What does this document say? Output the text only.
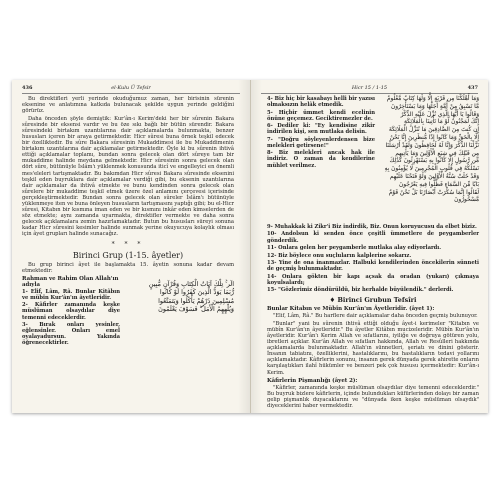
436	el-Kulu Ü Tefsir

Bu direktifleri yerli yerinde okuduğumuz zaman, her birisinin sürenin eksenine ve anlatımına katkıda bulunacak şekilde uygun yerinde geldiğini görürüz.

Daha önceden şöyle demiştik: Kur'ân-ı Kerim'deki her bir sûrenin Bakara sûresinde bir eksensi vardır ve bu öze sıkı bağlı bir bütün sürendir. Bakara sûresindeki birtakım uzantılarına dair açıklamalarda bulunmakta, benzer hususları içeren bir araya getirmektedir. Hicr sûresi buna örnek teşkil edecek bir özelliktedir. Bu sûre Bakara sûresinin Mukaddimesi ile bu Mukaddimenin birtakım uzantılarına dair açıklamalar getirmektedir. Öyle ki bu sûrenin ihtivâ ettiği açıklamalar toplamı, bundan sonra gelecek olan dört sûreye tam bir mukaddime halinde meydana gelmektedir. Hicr sûresinin sonra gelecek olan dört sûre, bütünüyle İslâm'ı yüklenmek konusunda iticî ve engelleyici en önemli mes'eleleri tartışmaktadır. Bu bakımdan Hicr sûresi Bakara sûresinde eksenini teşkil eden buyruklara dair açıklamalar verdiği gibi, bu eksenin uzantılarına dair açıklamalar da ihtivâ etmekte ve bunu kendinden sonra gelecek olan sûrelere bir mukaddime teşkil etmek üzere özel anlamını çerçevesi içerisinde gerçekleştirmektedir. Bundan sonra gelecek olan sûreler İslâm'ı bütünüyle yüklenmeye iten ve buna önleyen hususların tartışmasını yaptığı gibi; bu el-Hicr sûresi, Kitabın bir kısmına iman eden ve bir kısmını inkâr eden kimselerden de söz etmekte; aynı zamanda uyarmakta, direktifler vermekte ve daha sonra gelecek açıklamalara zemin hazırlamaktadır. Butun bu hususları süreyi sonuna kadar Hicr sûresini kesimler halinde sunmak yerine okuyucuya kolaylık olması için âyet grupları halinde sunacağız.

* * *
Birinci Grup (1-15. âyetler)

Bu grup birinci âyet ile başlamakta 15. âyetin sonuna kadar devam etmektedir:

Rahman ve Rahim Olan Allah'ın adıyla

1- Elif, Lâm, Râ. Bunlar Kitâbın ve mübîn Kur'ân'ın âyetleridir.

2- Kâfirler zamanında keşke müslüman olsaydılar diye temenni edeceklerdir.

3- Bırak onları yesinler, eğlensinler. Onları emel oyalayadursun. Yakında öğrenecektirler.

الٓر ۚ تِلْكَ آيَاتُ الْكِتَابِ وَقُرْآنٍ مُّبِينٍ
رُّبَمَا يَوَدُّ الَّذِينَ كَفَرُوا لَوْ كَانُوا
مُسْلِمِينَ ذَرْهُمْ يَأْكُلُوا وَيَتَمَتَّعُوا
وَيُلْهِهِمُ الْأَمَلُ ۖ فَسَوْفَ يَعْلَمُونَ
Hicr 15 / 1-15	437

4- Biz hiç bir kasabayı helli bir yazısı olmaksızın helâk etmedik.

5- Hiçbir ümmet kendi ecelinin önüne geçemez. Geciktiremezler de.

6- Dediler ki: "Ey kendisine zikir indirilen kişi, sen mutlaka delisin.

7- "Doğru söyleyenlerdensen bize melekleri getirsene!"

8- Biz melekleri ancak hak ile indiriz. O zaman da kendilerine mühlet verilmez.

وَمَا أَهْلَكْنَا مِن قَرْيَةٍ إِلَّا وَلَهَا كِتَابٌ مَّعْلُومٌ
مَّا تَسْبِقُ مِنْ أُمَّةٍ أَجَلَهَا وَمَا يَسْتَأْخِرُونَ
وَقَالُوا يَا أَيُّهَا الَّذِي نُزِّلَ عَلَيْهِ الذِّكْرُ
إِنَّكَ لَمَجْنُونٌ لَّوْ مَا تَأْتِينَا بِالْمَلَائِكَةِ
إِن كُنتَ مِنَ الصَّادِقِينَ مَا نُنَزِّلُ الْمَلَائِكَةَ
إِلَّا بِالْحَقِّ وَمَا كَانُوا إِذًا مُّنظَرِينَ إِنَّا نَحْنُ
نَزَّلْنَا الذِّكْرَ وَإِنَّا لَهُ لَحَافِظُونَ وَلَقَدْ أَرْسَلْنَا
مِن قَبْلِكَ فِي شِيَعِ الْأَوَّلِينَ وَمَا يَأْتِيهِم
مِّن رَّسُولٍ إِلَّا كَانُوا بِهِ يَسْتَهْزِئُونَ كَذَٰلِكَ
نَسْلُكُهُ فِي قُلُوبِ الْمُجْرِمِينَ لَا يُؤْمِنُونَ بِهِ
وَقَدْ خَلَتْ سُنَّةُ الْأَوَّلِينَ وَلَوْ فَتَحْنَا عَلَيْهِم
بَابًا مِّنَ السَّمَاءِ فَظَلُّوا فِيهِ يَعْرُجُونَ
لَقَالُوا إِنَّمَا سُكِّرَتْ أَبْصَارُنَا بَلْ نَحْنُ قَوْمٌ مَّسْحُورُونَ

9- Muhakkak ki Zikr'i Biz indirdik, Biz. Onun koruyucusu da elbet biziz.

10- Andolsun ki senden önce çeşitli ümmetlere de peygamberler gönderdik.

11- Onlara gelen her peygamberle mutlaka alay ediyorlardı.

12- Biz böylece onu suçluların kalplerine sokarız.

13- Yine de ona inanmazlar. Halbuki kendilerinden öncekilerin sünneti de geçmiş bulunmaktadır.

14- Onlara gökten bir kapı açsak da oradan (yukarı) çıkmaya koyulsalardı;

15- "Gözlerimiz döndürüldü, biz herhalde büyülendik." derlerdi.

♦ Birinci Grubun Tefsîri
Bunlar Kitabın ve Mübîn Kur'ân'ın Âyetleridir. (âyet 1):

"Elif, Lâm, Râ." Bu harflere dair açıklamalar daha önceden geçmiş bulunuyor.

"Bunlar" yani bu sûrenin ihtivâ ettiği olduğu âyet-i kerimeler "Kitabın ve mübîn Kur'ân'ın âyetleridir." Bu âyetler Kitâbın mucizeleridir. Mübîn Kur'ân'ın âyetleridir. Kur'ân'ı Kerim Allah ve sıfatlarını, iyiliğe ve doğruya götüren yolu, ibretleri açıklar. Kur'ân Allah ve sıfatları hakkında, Allah ve Resûlleri hakkında açıklamalarda bulunmaktadır. Allah'ın sünnetleri, şeriatı ve dinini gösterir. İnsanın tabiatını, özelliklerini, hastalıklarını, bu hastalıkların tedavi yollarını açıklamaktadır. Kâfirlerin sonunu, insanın gerek dünyada gerek ahirette onların karşılaştıkları ilahî hükümler ve benzeri pek çok hususu içermektedir: Kur'ân-ı Kerim.

Kâfirlerin Pişmanlığı (âyet 2):

"Kâfirler, zamanında keşke müslüman olsaydılar diye temenni edeceklerdir." Bu buyruk bizlere kâfirlerin, içinde bulundukları küfürlerinden dolayı bir zaman gelip pişmanlık duyacaklarını ve "dünyada iken keşke müslüman olsaydık" diyeceklerini haber vermektedir.
